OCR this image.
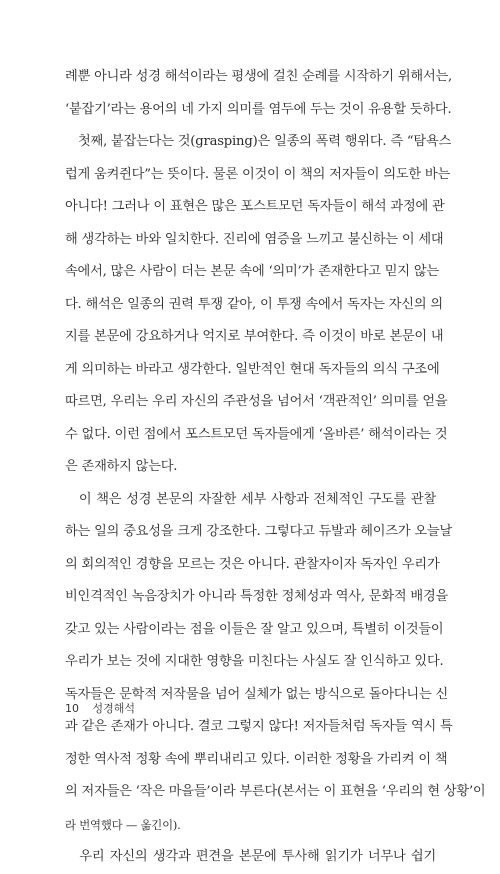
례뿐 아니라 성경 해석이라는 평생에 걸친 순례를 시작하기 위해서는,
‘붙잡기’라는 용어의 네 가지 의미를 염두에 두는 것이 유용할 듯하다.
　첫째, 붙잡는다는 것(grasping)은 일종의 폭력 행위다. 즉 “탐욕스
럽게 움켜쥔다”는 뜻이다. 물론 이것이 이 책의 저자들이 의도한 바는
아니다! 그러나 이 표현은 많은 포스트모던 독자들이 해석 과정에 관
해 생각하는 바와 일치한다. 진리에 염증을 느끼고 불신하는 이 세대
속에서, 많은 사람이 더는 본문 속에 ‘의미’가 존재한다고 믿지 않는
다. 해석은 일종의 권력 투쟁 같아, 이 투쟁 속에서 독자는 자신의 의
지를 본문에 강요하거나 억지로 부여한다. 즉 이것이 바로 본문이 내
게 의미하는 바라고 생각한다. 일반적인 현대 독자들의 의식 구조에
따르면, 우리는 우리 자신의 주관성을 넘어서 ‘객관적인’ 의미를 얻을
수 없다. 이런 점에서 포스트모던 독자들에게 ‘올바른’ 해석이라는 것
은 존재하지 않는다.
　이 책은 성경 본문의 자잘한 세부 사항과 전체적인 구도를 관찰
하는 일의 중요성을 크게 강조한다. 그렇다고 듀발과 헤이즈가 오늘날
의 회의적인 경향을 모르는 것은 아니다. 관찰자이자 독자인 우리가
비인격적인 녹음장치가 아니라 특정한 정체성과 역사, 문화적 배경을
갖고 있는 사람이라는 점을 이들은 잘 알고 있으며, 특별히 이것들이
우리가 보는 것에 지대한 영향을 미친다는 사실도 잘 인식하고 있다.
독자들은 문학적 저작물을 넘어 실체가 없는 방식으로 돌아다니는 신
과 같은 존재가 아니다. 결코 그렇지 않다! 저자들처럼 독자들 역시 특
정한 역사적 정황 속에 뿌리내리고 있다. 이러한 정황을 가리켜 이 책
의 저자들은 ‘작은 마을들’이라 부른다(본서는 이 표현을 ‘우리의 현 상황’이
라 번역했다 — 옮긴이).
　우리 자신의 생각과 편견을 본문에 투사해 읽기가 너무나 쉽기
10 성경해석
